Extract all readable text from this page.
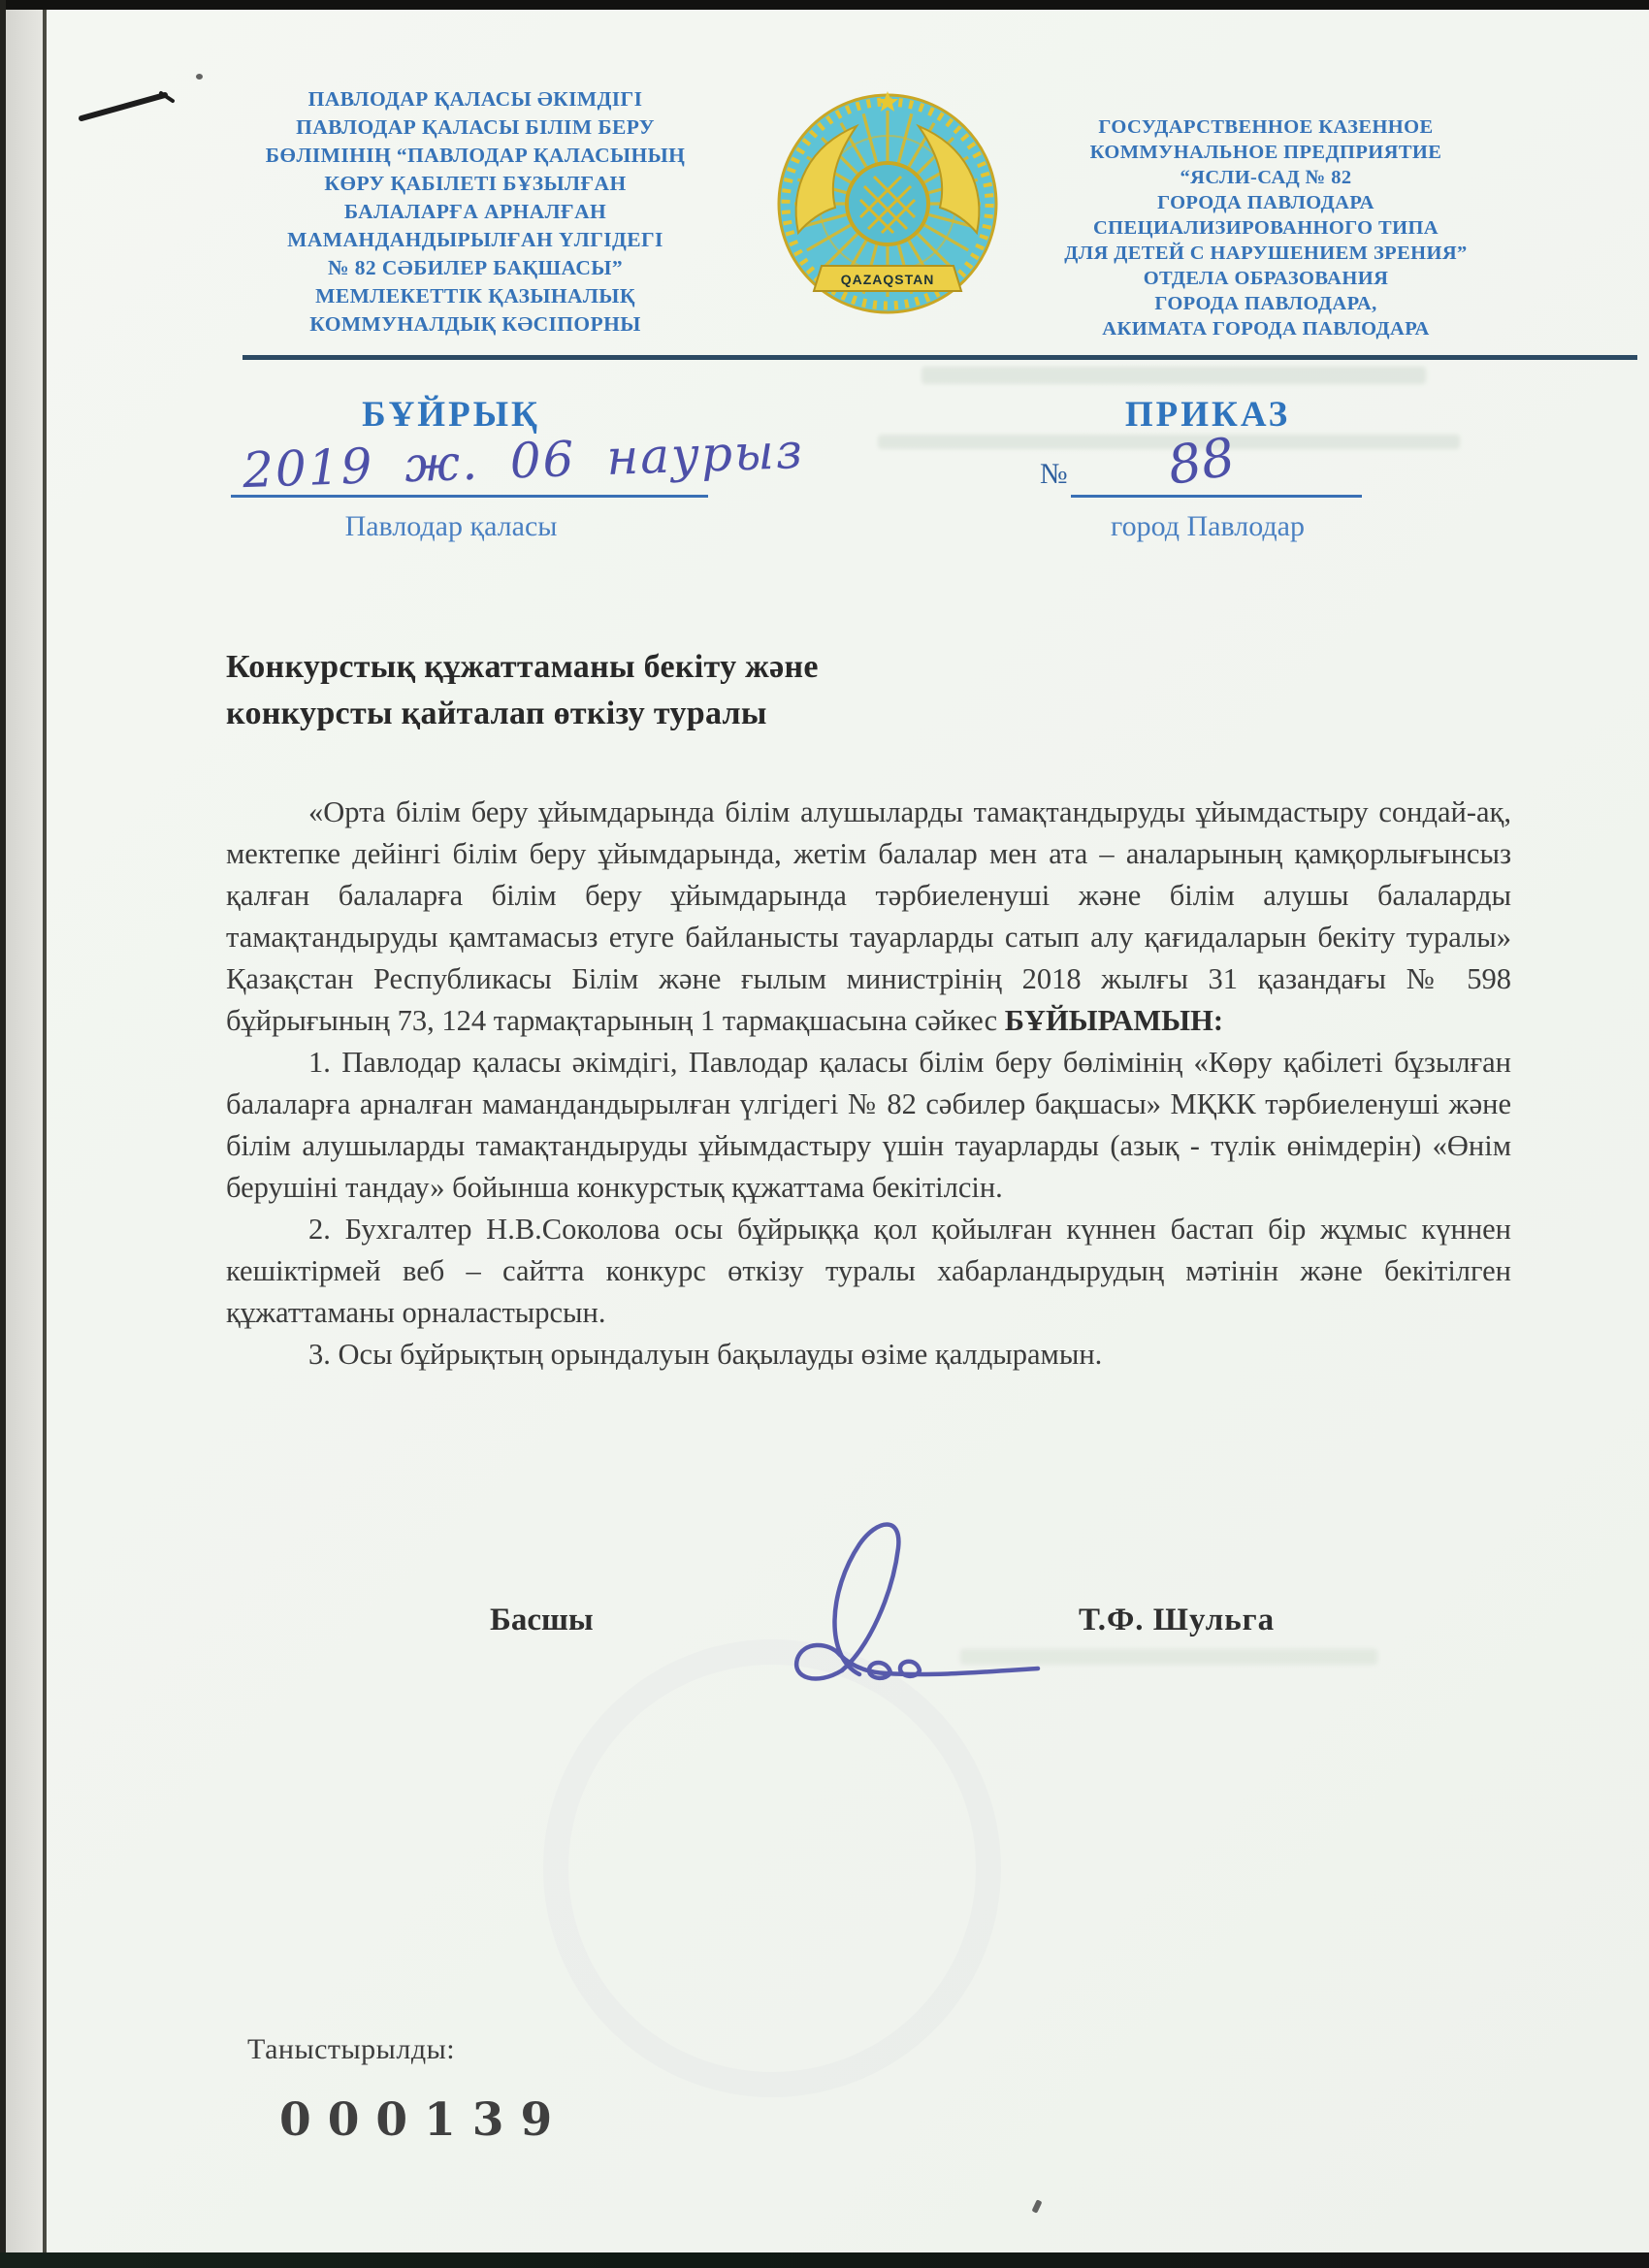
ПАВЛОДАР ҚАЛАСЫ ӘКІМДІГІ
ПАВЛОДАР ҚАЛАСЫ БІЛІМ БЕРУ
БӨЛІМІНІҢ “ПАВЛОДАР ҚАЛАСЫНЫҢ
КӨРУ ҚАБІЛЕТІ БҰЗЫЛҒАН
БАЛАЛАРҒА АРНАЛҒАН
МАМАНДАНДЫРЫЛҒАН ҮЛГІДЕГІ
№ 82 СӘБИЛЕР БАҚШАСЫ”
МЕМЛЕКЕТТІК ҚАЗЫНАЛЫҚ
КОММУНАЛДЫҚ КӘСІПОРНЫ
QAZAQSTAN
ГОСУДАРСТВЕННОЕ КАЗЕННОЕ
КОММУНАЛЬНОЕ ПРЕДПРИЯТИЕ
“ЯСЛИ-САД № 82
ГОРОДА ПАВЛОДАРА
СПЕЦИАЛИЗИРОВАННОГО ТИПА
ДЛЯ ДЕТЕЙ С НАРУШЕНИЕМ ЗРЕНИЯ”
ОТДЕЛА ОБРАЗОВАНИЯ
ГОРОДА ПАВЛОДАРА,
АКИМАТА ГОРОДА ПАВЛОДАРА
БҰЙРЫҚ	ПРИКАЗ
2019 ж. 06 наурыз
Павлодар қаласы
№ 88
город Павлодар
Конкурстық құжаттаманы бекіту және
конкурсты қайталап өткізу туралы

«Орта білім беру ұйымдарында білім алушыларды тамақтандыруды ұйымдастыру сондай-ақ, мектепке дейінгі білім беру ұйымдарында, жетім балалар мен ата – аналарының қамқорлығынсыз қалған балаларға білім беру ұйымдарында тәрбиеленуші және білім алушы балаларды тамақтандыруды қамтамасыз етуге байланысты тауарларды сатып алу қағидаларын бекіту туралы» Қазақстан Республикасы Білім және ғылым министрінің 2018 жылғы 31 қазандағы № 598 бұйрығының 73, 124 тармақтарының 1 тармақшасына сәйкес БҰЙЫРАМЫН:

1. Павлодар қаласы әкімдігі, Павлодар қаласы білім беру бөлімінің «Көру қабілеті бұзылған балаларға арналған мамандандырылған үлгідегі № 82 сәбилер бақшасы» МҚКК тәрбиеленуші және білім алушыларды тамақтандыруды ұйымдастыру үшін тауарларды (азық - түлік өнімдерін) «Өнім берушіні тандау» бойынша конкурстық құжаттама бекітілсін.

2. Бухгалтер Н.В.Соколова осы бұйрыққа қол қойылған күннен бастап бір жұмыс күннен кешіктірмей веб – сайтта конкурс өткізу туралы хабарландырудың мәтінін және бекітілген құжаттаманы орналастырсын.

3. Осы бұйрықтың орындалуын бақылауды өзіме қалдырамын.

Басшы	Т.Ф. Шульга
Таныстырылды:
000139
